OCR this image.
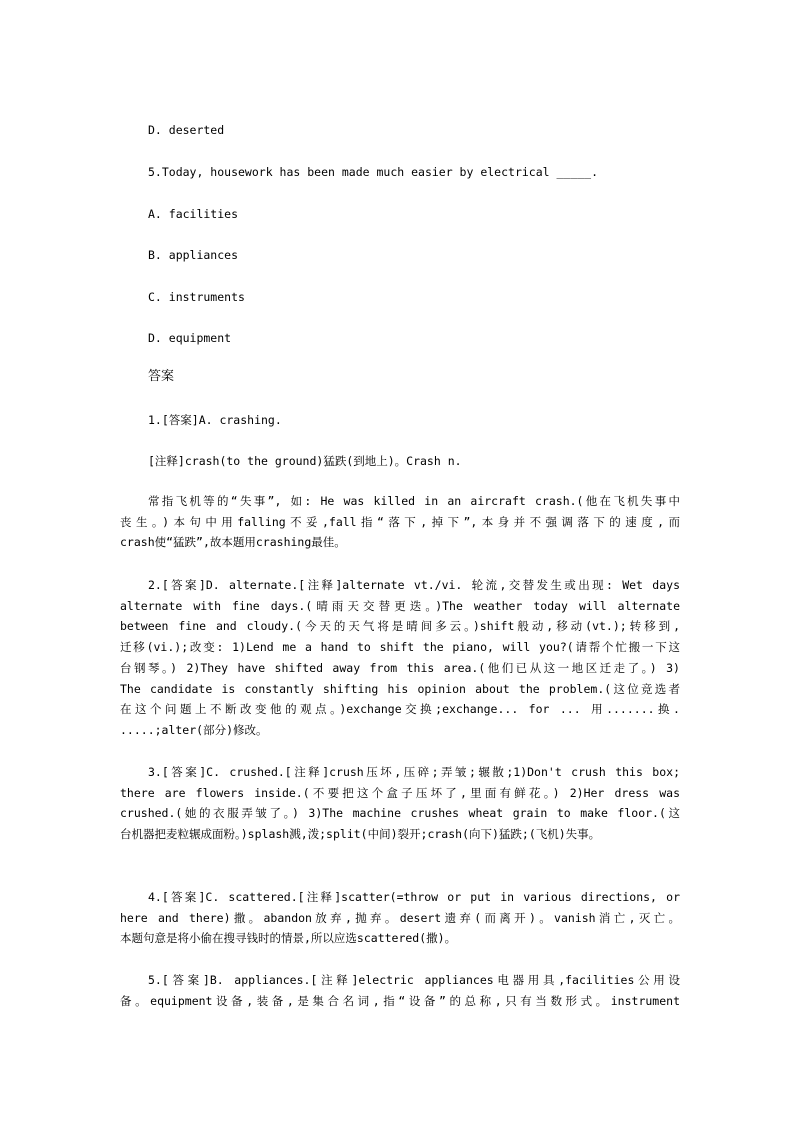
D. deserted
5.Today, housework has been made much easier by electrical _____.
A. facilities
B. appliances
C. instruments
D. equipment
答案
1.[答案]A. crashing.
[注释]crash(to the ground)猛跌(到地上)。Crash n.
常指飞机等的“失事”, 如: He was killed in an aircraft crash.(他在飞机失事中
丧生。)本句中用falling不妥,fall指“落下,掉下”,本身并不强调落下的速度,而
crash使“猛跌”,故本题用crashing最佳。
2.[答案]D. alternate.[注释]alternate vt./vi. 轮流,交替发生或出现: Wet days
alternate with fine days.(晴雨天交替更迭。)The weather today will alternate
between fine and cloudy.(今天的天气将是晴间多云。)shift般动,移动(vt.);转移到,
迁移(vi.);改变: 1)Lend me a hand to shift the piano, will you?(请帮个忙搬一下这
台钢琴。) 2)They have shifted away from this area.(他们已从这一地区迁走了。) 3)
The candidate is constantly shifting his opinion about the problem.(这位竞选者
在这个问题上不断改变他的观点。)exchange交换;exchange... for ... 用.......换.
.....;alter(部分)修改。
3.[答案]C. crushed.[注释]crush压坏,压碎;弄皱;辗散;1)Don't crush this box;
there are flowers inside.(不要把这个盒子压坏了,里面有鲜花。) 2)Her dress was
crushed.(她的衣服弄皱了。) 3)The machine crushes wheat grain to make floor.(这
台机器把麦粒辗成面粉。)splash溅,泼;split(中间)裂开;crash(向下)猛跌;(飞机)失事。
4.[答案]C. scattered.[注释]scatter(=throw or put in various directions, or
here and there)撒。abandon放弃,抛弃。desert遗弃(而离开)。vanish消亡,灭亡。
本题句意是将小偷在搜寻钱时的情景,所以应选scattered(撒)。
5.[答案]B. appliances.[注释]electric appliances电器用具,facilities公用设
备。equipment设备,装备,是集合名词,指“设备”的总称,只有当数形式。instrument
